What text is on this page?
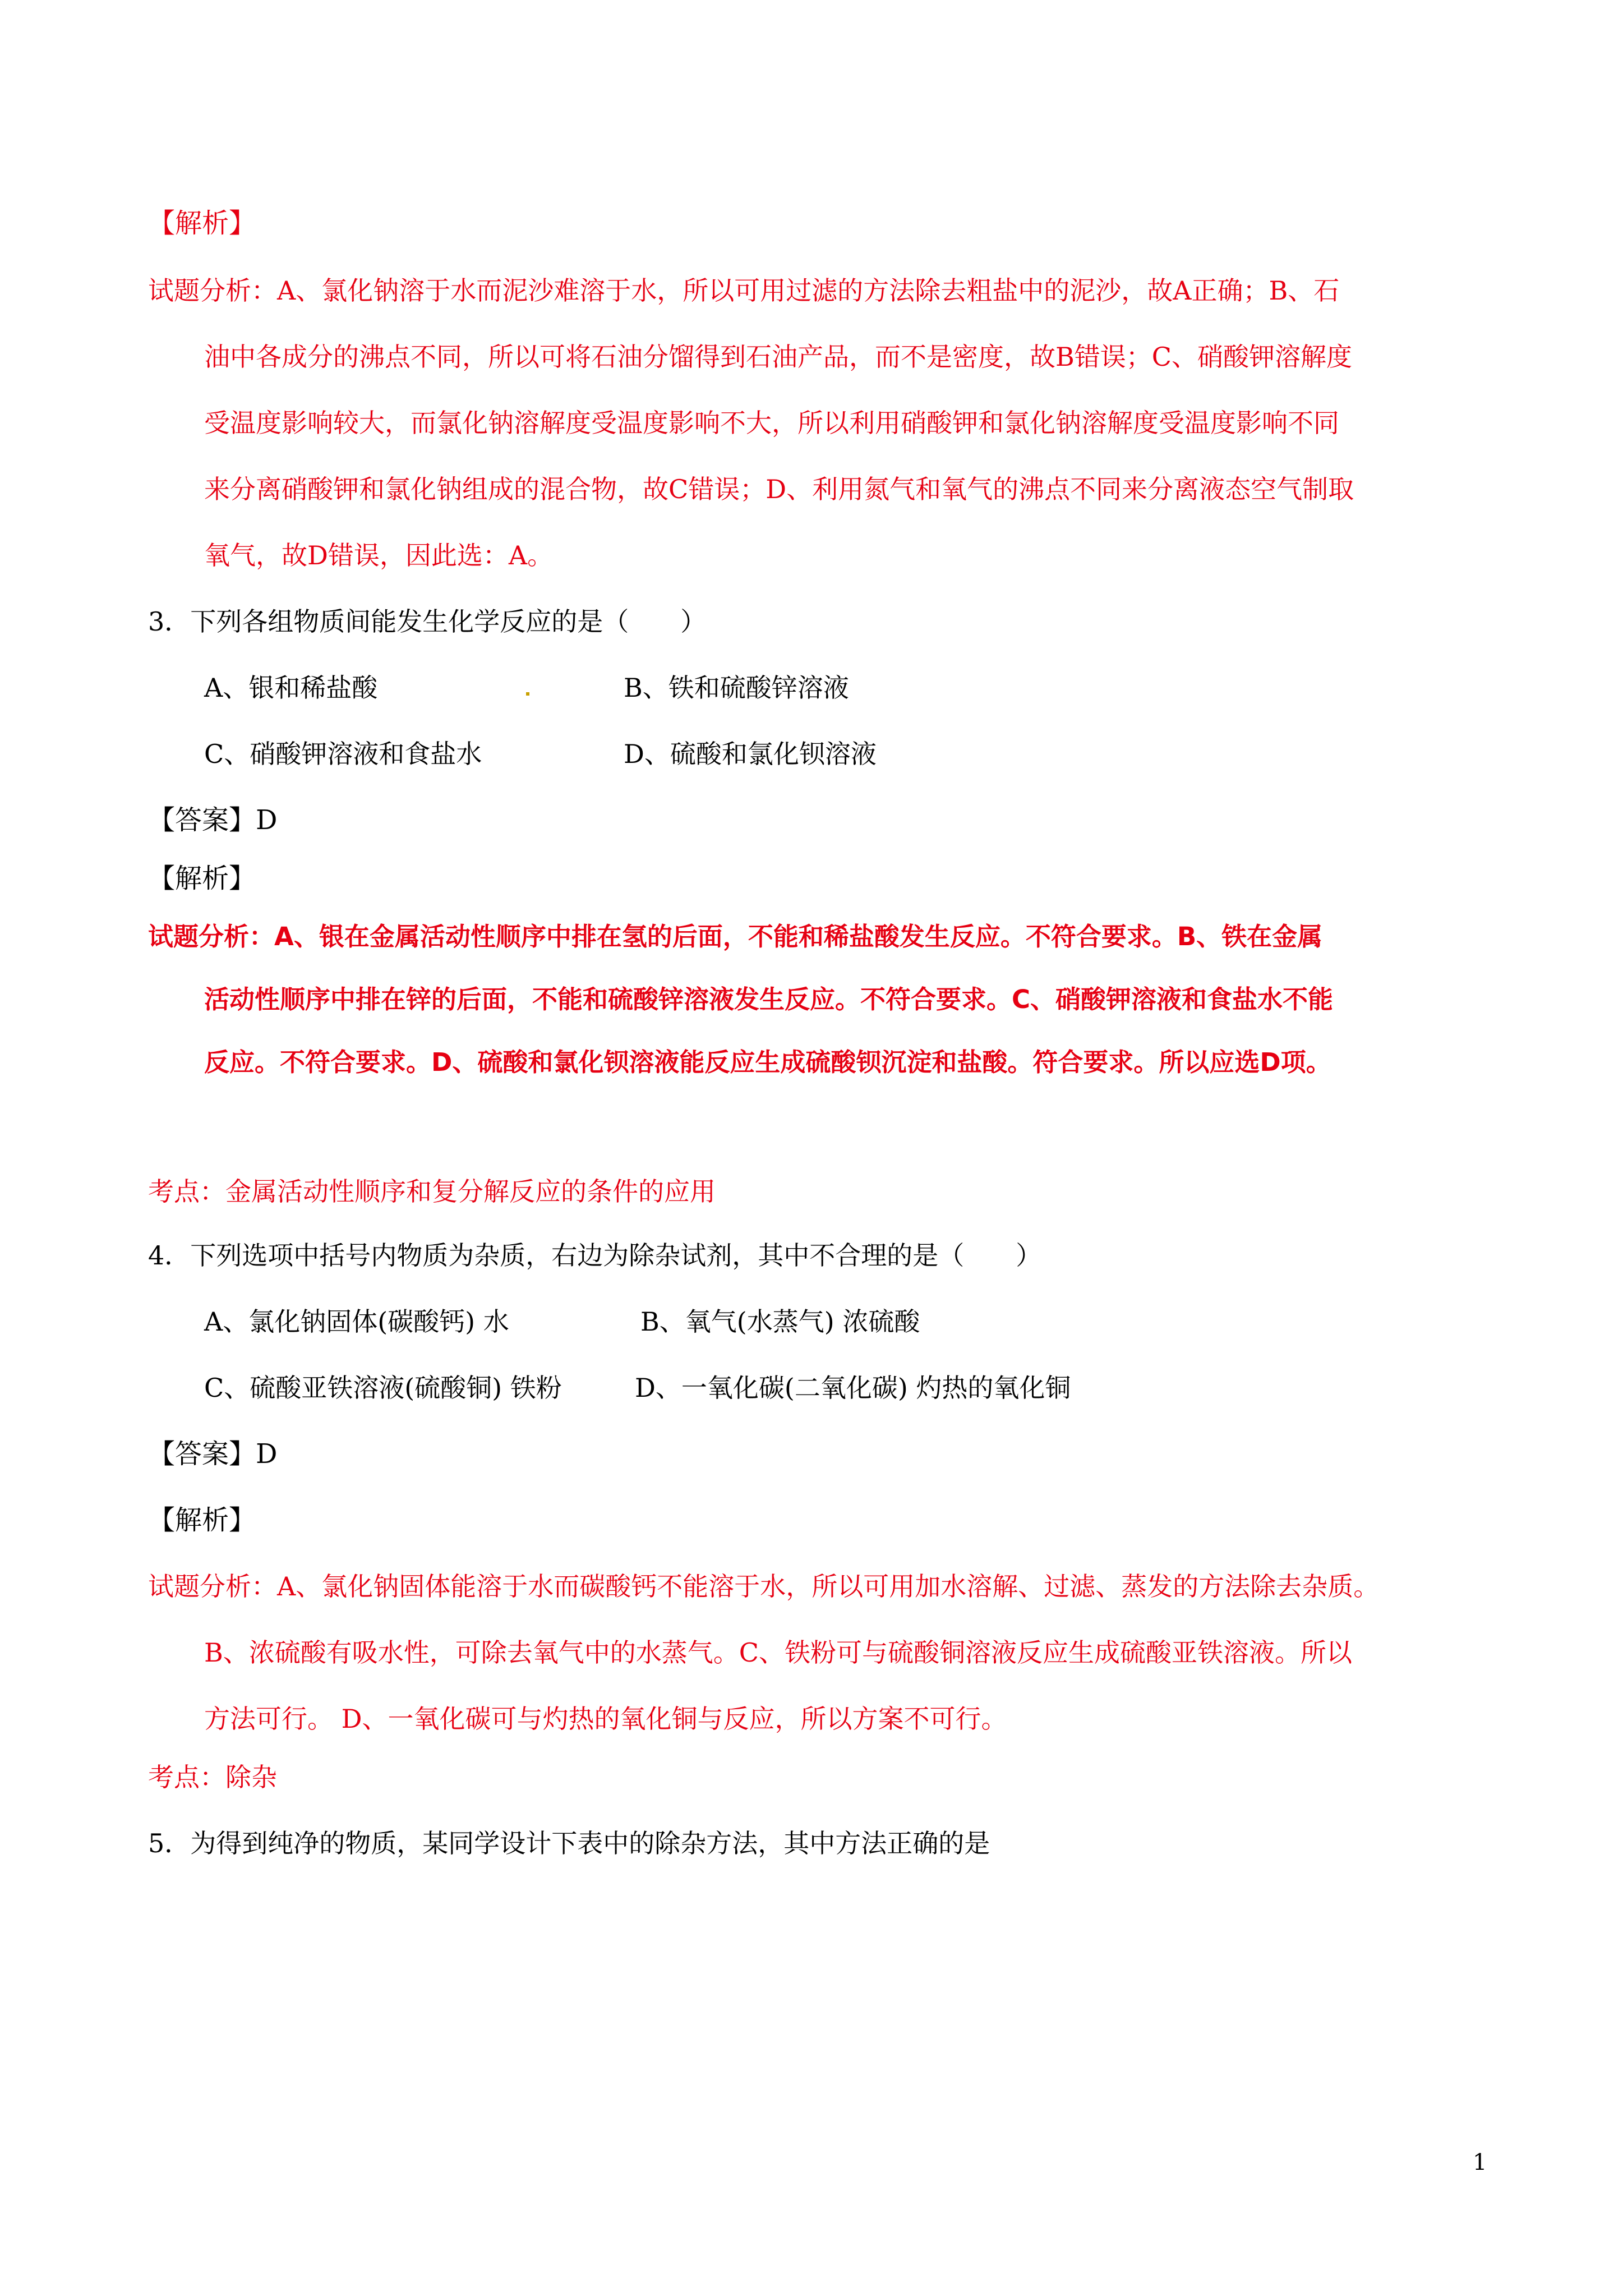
【解析】
试题分析：A、氯化钠溶于水而泥沙难溶于水，所以可用过滤的方法除去粗盐中的泥沙，故A正确；B、石
油中各成分的沸点不同，所以可将石油分馏得到石油产品，而不是密度，故B错误；C、硝酸钾溶解度
受温度影响较大，而氯化钠溶解度受温度影响不大，所以利用硝酸钾和氯化钠溶解度受温度影响不同
来分离硝酸钾和氯化钠组成的混合物，故C错误；D、利用氮气和氧气的沸点不同来分离液态空气制取
氧气，故D错误，因此选：A。
3．下列各组物质间能发生化学反应的是（　　）
A、银和稀盐酸	B、铁和硫酸锌溶液
C、硝酸钾溶液和食盐水	D、硫酸和氯化钡溶液
【答案】D
【解析】
试题分析：A、银在金属活动性顺序中排在氢的后面，不能和稀盐酸发生反应。不符合要求。B、铁在金属
活动性顺序中排在锌的后面，不能和硫酸锌溶液发生反应。不符合要求。C、硝酸钾溶液和食盐水不能
反应。不符合要求。D、硫酸和氯化钡溶液能反应生成硫酸钡沉淀和盐酸。符合要求。所以应选D项。
考点：金属活动性顺序和复分解反应的条件的应用
4．下列选项中括号内物质为杂质，右边为除杂试剂，其中不合理的是（　　）
A、氯化钠固体(碳酸钙) 水	B、氧气(水蒸气) 浓硫酸
C、硫酸亚铁溶液(硫酸铜) 铁粉	D、一氧化碳(二氧化碳) 灼热的氧化铜
【答案】D
【解析】
试题分析：A、氯化钠固体能溶于水而碳酸钙不能溶于水，所以可用加水溶解、过滤、蒸发的方法除去杂质。
B、浓硫酸有吸水性，可除去氧气中的水蒸气。C、铁粉可与硫酸铜溶液反应生成硫酸亚铁溶液。所以
方法可行。 D、一氧化碳可与灼热的氧化铜与反应，所以方案不可行。
考点：除杂
5．为得到纯净的物质，某同学设计下表中的除杂方法，其中方法正确的是
1
